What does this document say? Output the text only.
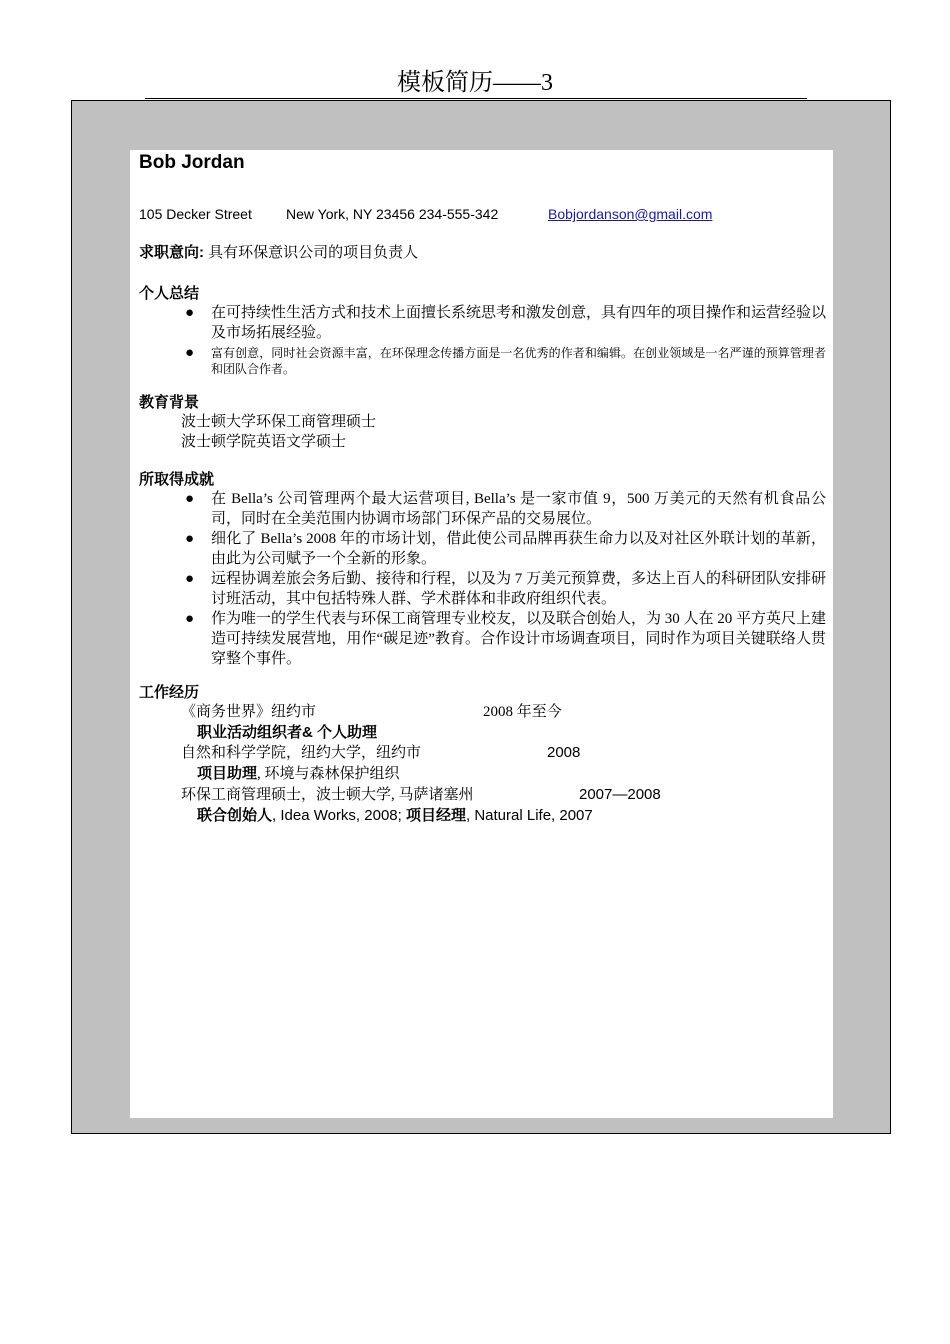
模板简历——3
Bob Jordan
105 Decker Street New York, NY 23456 234-555-342	Bobjordanson@gmail.com
求职意向: 具有环保意识公司的项目负责人
个人总结
● 在可持续性生活方式和技术上面擅长系统思考和激发创意，具有四年的项目操作和运营经验以及市场拓展经验。
● 富有创意，同时社会资源丰富，在环保理念传播方面是一名优秀的作者和编辑。在创业领域是一名严谨的预算管理者和团队合作者。
教育背景
波士顿大学环保工商管理硕士
波士顿学院英语文学硕士
所取得成就
● 在 Bella’s 公司管理两个最大运营项目, Bella’s 是一家市值 9，500 万美元的天然有机食品公司，同时在全美范围内协调市场部门环保产品的交易展位。
● 细化了 Bella’s 2008 年的市场计划，借此使公司品牌再获生命力以及对社区外联计划的革新，由此为公司赋予一个全新的形象。
● 远程协调差旅会务后勤、接待和行程，以及为 7 万美元预算费，多达上百人的科研团队安排研讨班活动，其中包括特殊人群、学术群体和非政府组织代表。
● 作为唯一的学生代表与环保工商管理专业校友，以及联合创始人，为 30 人在 20 平方英尺上建造可持续发展营地，用作“碳足迹”教育。合作设计市场调查项目，同时作为项目关键联络人贯穿整个事件。
工作经历
《商务世界》纽约市	2008 年至今
职业活动组织者& 个人助理
自然和科学学院，纽约大学，纽约市	2008
项目助理, 环境与森林保护组织
环保工商管理硕士，波士顿大学, 马萨诸塞州	2007—2008
联合创始人, Idea Works, 2008; 项目经理, Natural Life, 2007
